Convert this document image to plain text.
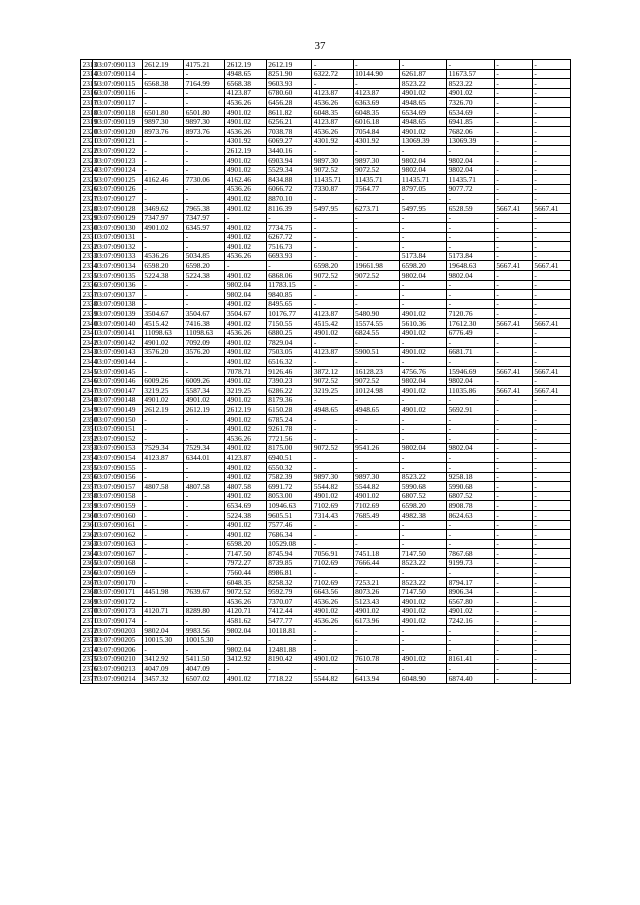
37
2313	03:07:090113	2612.19	4175.21	2612.19	2612.19	-	-	-	-	-	-
2314	03:07:090114	-	-	4948.65	8251.90	6322.72	10144.90	6261.87	11673.57	-	-
2315	03:07:090115	6568.38	7164.99	6568.38	9603.93	-	-	8523.22	8523.22	-	-
2316	03:07:090116	-	-	4123.87	6780.60	4123.87	4123.87	4901.02	4901.02	-	-
2317	03:07:090117	-	-	4536.26	6456.28	4536.26	6363.69	4948.65	7326.70	-	-
2318	03:07:090118	6501.80	6501.80	4901.02	8611.82	6048.35	6048.35	6534.69	6534.69	-	-
2319	03:07:090119	9897.30	9897.30	4901.02	6256.21	4123.87	6016.18	4948.65	6941.85	-	-
2320	03:07:090120	8973.76	8973.76	4536.26	7038.78	4536.26	7054.84	4901.02	7682.06	-	-
2321	03:07:090121	-	-	4301.92	6069.27	4301.92	4301.92	13069.39	13069.39	-	-
2322	03:07:090122	-	-	2612.19	3440.16	-	-	-	-	-	-
2323	03:07:090123	-	-	4901.02	6903.94	9897.30	9897.30	9802.04	9802.04	-	-
2324	03:07:090124	-	-	4901.02	5529.34	9072.52	9072.52	9802.04	9802.04	-	-
2325	03:07:090125	4162.46	7730.06	4162.46	8434.88	11435.71	11435.71	11435.71	11435.71	-	-
2326	03:07:090126	-	-	4536.26	6066.72	7330.87	7564.77	8797.05	9077.72	-	-
2327	03:07:090127	-	-	4901.02	8870.10	-	-	-	-	-	-
2328	03:07:090128	3469.62	7965.38	4901.02	8116.39	5497.95	6273.71	5497.95	6528.59	5667.41	5667.41
2329	03:07:090129	7347.97	7347.97	-	-	-	-	-	-	-	-
2330	03:07:090130	4901.02	6345.97	4901.02	7734.75	-	-	-	-	-	-
2331	03:07:090131	-	-	4901.02	6267.72	-	-	-	-	-	-
2332	03:07:090132	-	-	4901.02	7516.73	-	-	-	-	-	-
2333	03:07:090133	4536.26	5034.85	4536.26	6693.93	-	-	5173.84	5173.84	-	-
2334	03:07:090134	6598.20	6598.20	-	-	6598.20	19661.98	6598.20	19648.63	5667.41	5667.41
2335	03:07:090135	5224.38	5224.38	4901.02	6868.06	9072.52	9072.52	9802.04	9802.04	-	-
2336	03:07:090136	-	-	9802.04	11783.15	-	-	-	-	-	-
2337	03:07:090137	-	-	9802.04	9840.85	-	-	-	-	-	-
2338	03:07:090138	-	-	4901.02	8495.65	-	-	-	-	-	-
2339	03:07:090139	3504.67	3504.67	3504.67	10176.77	4123.87	5480.90	4901.02	7120.76	-	-
2340	03:07:090140	4515.42	7416.38	4901.02	7150.55	4515.42	15574.55	5610.36	17612.30	5667.41	5667.41
2341	03:07:090141	11098.63	11098.63	4536.26	6880.25	4901.02	6824.55	4901.02	6776.49	-	-
2342	03:07:090142	4901.02	7092.09	4901.02	7829.04	-	-	-	-	-	-
2343	03:07:090143	3576.20	3576.20	4901.02	7503.05	4123.87	5900.51	4901.02	6681.71	-	-
2344	03:07:090144	-	-	4901.02	6516.32	-	-	-	-	-	-
2345	03:07:090145	-	-	7078.71	9126.46	3872.12	16128.23	4756.76	15946.69	5667.41	5667.41
2346	03:07:090146	6009.26	6009.26	4901.02	7390.23	9072.52	9072.52	9802.04	9802.04	-	-
2347	03:07:090147	3219.25	5587.34	3219.25	6286.22	3219.25	10124.98	4901.02	11035.86	5667.41	5667.41
2348	03:07:090148	4901.02	4901.02	4901.02	8179.36	-	-	-	-	-	-
2349	03:07:090149	2612.19	2612.19	2612.19	6150.28	4948.65	4948.65	4901.02	5692.91	-	-
2350	03:07:090150	-	-	4901.02	6785.24	-	-	-	-	-	-
2351	03:07:090151	-	-	4901.02	9261.78	-	-	-	-	-	-
2352	03:07:090152	-	-	4536.26	7721.56	-	-	-	-	-	-
2353	03:07:090153	7529.34	7529.34	4901.02	8175.00	9072.52	9541.26	9802.04	9802.04	-	-
2354	03:07:090154	4123.87	6344.01	4123.87	6940.51	-	-	-	-	-	-
2355	03:07:090155	-	-	4901.02	6550.32	-	-	-	-	-	-
2356	03:07:090156	-	-	4901.02	7582.39	9897.30	9897.30	8523.22	9258.18	-	-
2357	03:07:090157	4807.58	4807.58	4807.58	6991.72	5544.82	5544.82	5990.68	5990.68	-	-
2358	03:07:090158	-	-	4901.02	8053.00	4901.02	4901.02	6807.52	6807.52	-	-
2359	03:07:090159	-	-	6534.69	10946.63	7102.69	7102.69	6598.20	8908.78	-	-
2360	03:07:090160	-	-	5224.38	9605.51	7314.43	7685.49	4982.38	8624.63	-	-
2361	03:07:090161	-	-	4901.02	7577.46	-	-	-	-	-	-
2362	03:07:090162	-	-	4901.02	7686.34	-	-	-	-	-	-
2363	03:07:090163	-	-	6598.20	10529.08	-	-	-	-	-	-
2364	03:07:090167	-	-	7147.50	8745.94	7056.91	7451.18	7147.50	7867.68	-	-
2365	03:07:090168	-	-	7972.27	8739.85	7102.69	7666.44	8523.22	9199.73	-	-
2366	03:07:090169	-	-	7560.44	8986.81	-	-	-	-	-	-
2367	03:07:090170	-	-	6048.35	8258.32	7102.69	7253.21	8523.22	8794.17	-	-
2368	03:07:090171	4451.98	7639.67	9072.52	9592.79	6643.56	8073.26	7147.50	8906.34	-	-
2369	03:07:090172	-	-	4536.26	7370.07	4536.26	5123.43	4901.02	6567.80	-	-
2370	03:07:090173	4120.71	8289.80	4120.71	7412.44	4901.02	4901.02	4901.02	4901.02	-	-
2371	03:07:090174	-	-	4581.62	5477.77	4536.26	6173.96	4901.02	7242.16	-	-
2372	03:07:090203	9802.04	9983.56	9802.04	10118.81	-	-	-	-	-	-
2373	03:07:090205	10015.30	10015.30	-	-	-	-	-	-	-	-
2374	03:07:090206	-	-	9802.04	12481.88	-	-	-	-	-	-
2375	03:07:090210	3412.92	5411.50	3412.92	8190.42	4901.02	7610.78	4901.02	8161.41	-	-
2376	03:07:090213	4047.09	4047.09	-	-	-	-	-	-	-	-
2377	03:07:090214	3457.32	6507.02	4901.02	7718.22	5544.82	6413.94	6048.90	6874.40	-	-
